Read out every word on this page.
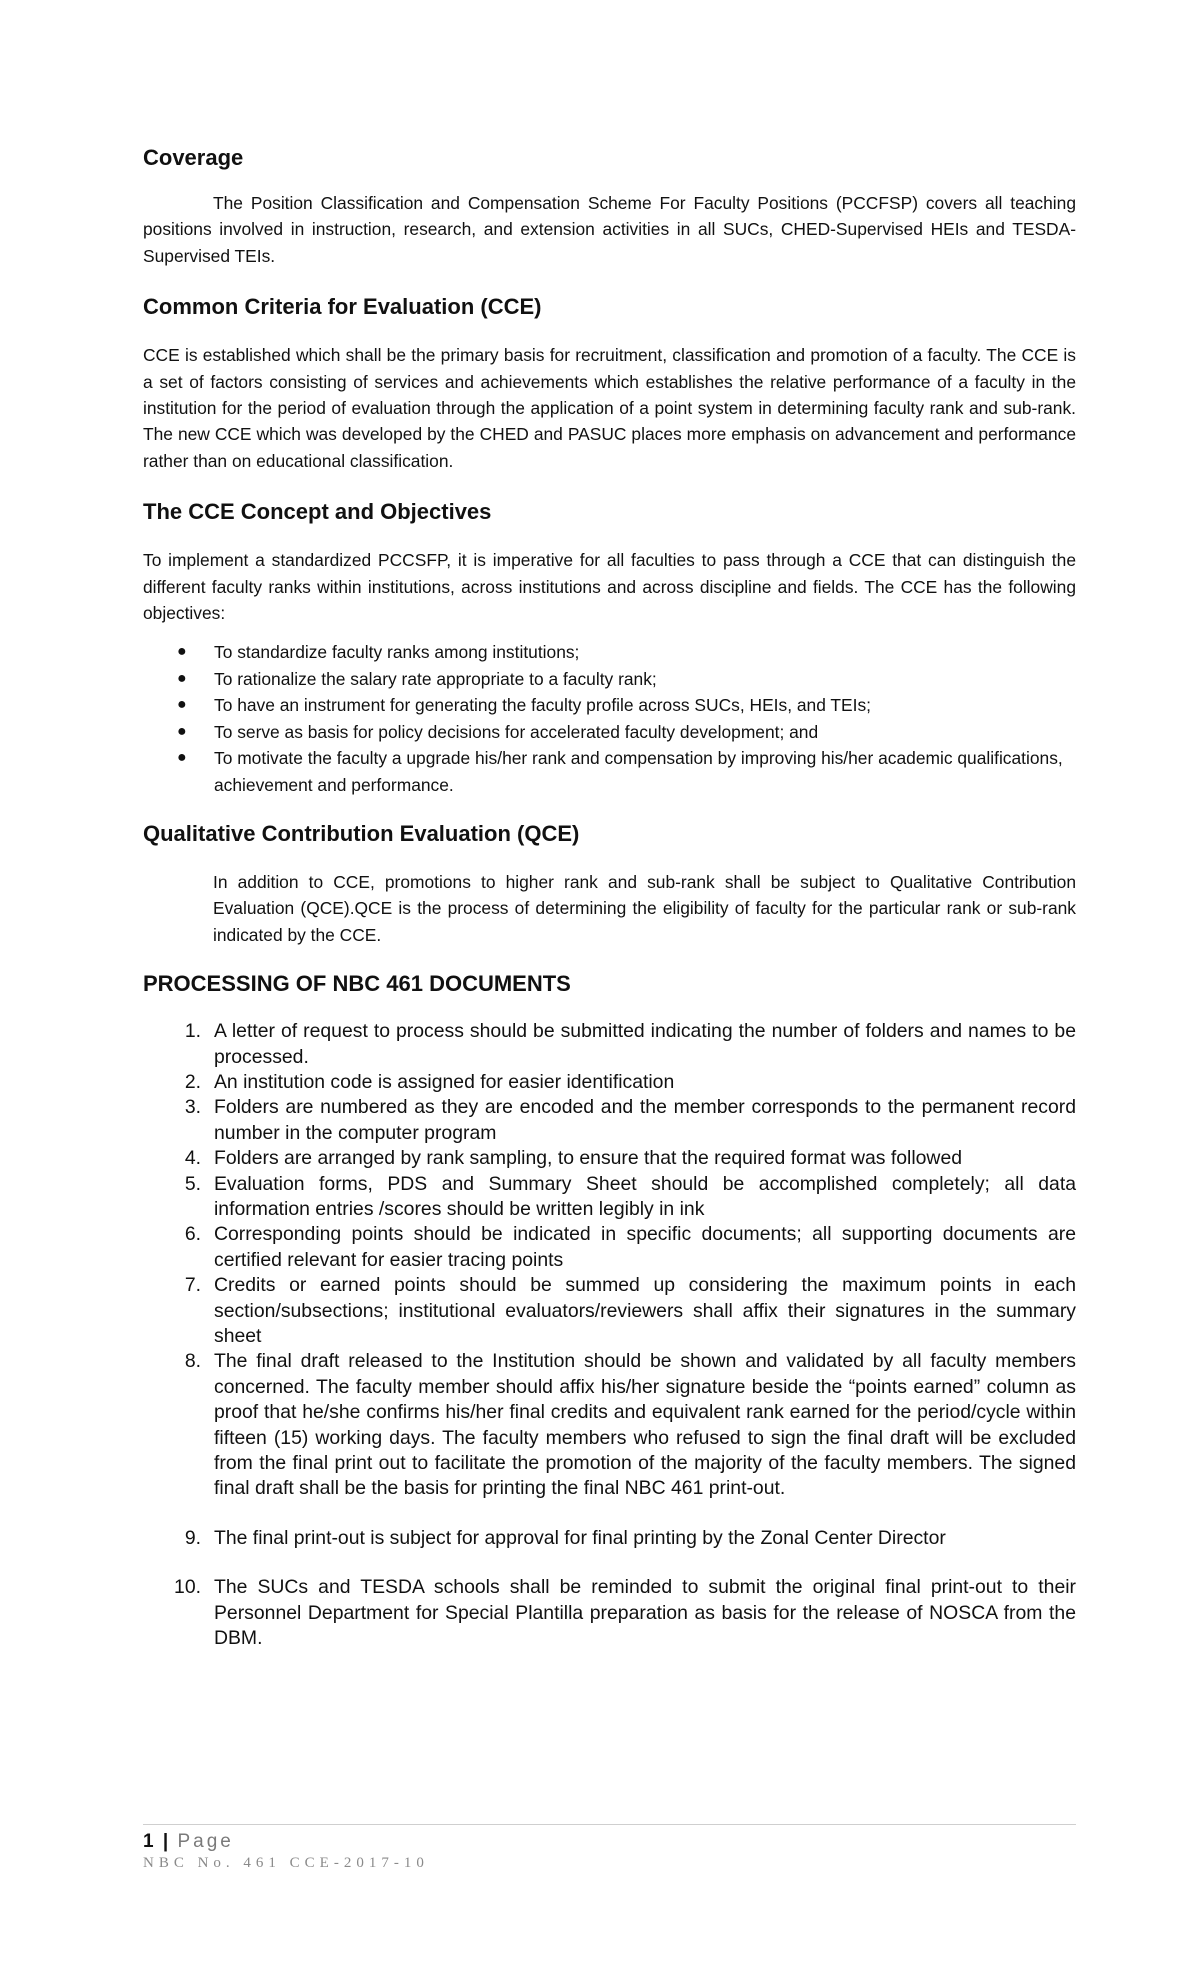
Coverage

The Position Classification and Compensation Scheme For Faculty Positions (PCCFSP) covers all teaching positions involved in instruction, research, and extension activities in all SUCs, CHED-Supervised HEIs and TESDA-Supervised TEIs.

Common Criteria for Evaluation (CCE)

CCE is established which shall be the primary basis for recruitment, classification and promotion of a faculty. The CCE is a set of factors consisting of services and achievements which establishes the relative performance of a faculty in the institution for the period of evaluation through the application of a point system in determining faculty rank and sub-rank. The new CCE which was developed by the CHED and PASUC places more emphasis on advancement and performance rather than on educational classification.

The CCE Concept and Objectives

To implement a standardized PCCSFP, it is imperative for all faculties to pass through a CCE that can distinguish the different faculty ranks within institutions, across institutions and across discipline and fields. The CCE has the following objectives:

● To standardize faculty ranks among institutions;
● To rationalize the salary rate appropriate to a faculty rank;
● To have an instrument for generating the faculty profile across SUCs, HEIs, and TEIs;
● To serve as basis for policy decisions for accelerated faculty development; and
● To motivate the faculty a upgrade his/her rank and compensation by improving his/her academic qualifications, achievement and performance.
Qualitative Contribution Evaluation (QCE)

In addition to CCE, promotions to higher rank and sub-rank shall be subject to Qualitative Contribution Evaluation (QCE).QCE is the process of determining the eligibility of faculty for the particular rank or sub-rank indicated by the CCE.

PROCESSING OF NBC 461 DOCUMENTS
1. A letter of request to process should be submitted indicating the number of folders and names to be processed.
2. An institution code is assigned for easier identification
3. Folders are numbered as they are encoded and the member corresponds to the permanent record number in the computer program
4. Folders are arranged by rank sampling, to ensure that the required format was followed
5. Evaluation forms, PDS and Summary Sheet should be accomplished completely; all data information entries /scores should be written legibly in ink
6. Corresponding points should be indicated in specific documents; all supporting documents are certified relevant for easier tracing points
7. Credits or earned points should be summed up considering the maximum points in each section/subsections; institutional evaluators/reviewers shall affix their signatures in the summary sheet
8. The final draft released to the Institution should be shown and validated by all faculty members concerned. The faculty member should affix his/her signature beside the “points earned” column as proof that he/she confirms his/her final credits and equivalent rank earned for the period/cycle within fifteen (15) working days. The faculty members who refused to sign the final draft will be excluded from the final print out to facilitate the promotion of the majority of the faculty members. The signed final draft shall be the basis for printing the final NBC 461 print-out.
9. The final print-out is subject for approval for final printing by the Zonal Center Director
10. The SUCs and TESDA schools shall be reminded to submit the original final print-out to their Personnel Department for Special Plantilla preparation as basis for the release of NOSCA from the DBM.
1 | Page
NBC No. 461 CCE-2017-10
